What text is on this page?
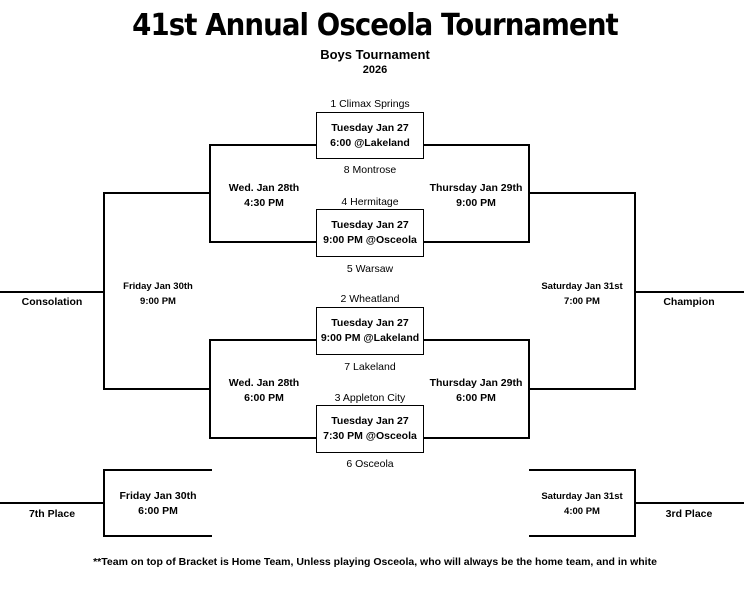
41st Annual Osceola Tournament
Boys Tournament
2026
1 Climax Springs
Tuesday Jan 27
6:00 @Lakeland
8 Montrose
4 Hermitage
Tuesday Jan 27
9:00 PM @Osceola
5 Warsaw
2 Wheatland
Tuesday Jan 27
9:00 PM @Lakeland
7 Lakeland
3 Appleton City
Tuesday Jan 27
7:30 PM @Osceola
6 Osceola
Wed. Jan 28th
4:30 PM
Wed. Jan 28th
6:00 PM
Thursday Jan 29th
9:00 PM
Thursday Jan 29th
6:00 PM
Friday Jan 30th
9:00 PM
Saturday Jan 31st
7:00 PM
Consolation	Champion
Friday Jan 30th
6:00 PM
7th Place
Saturday Jan 31st
4:00 PM	3rd Place
**Team on top of Bracket is Home Team, Unless playing Osceola, who will always be the home team, and in white
